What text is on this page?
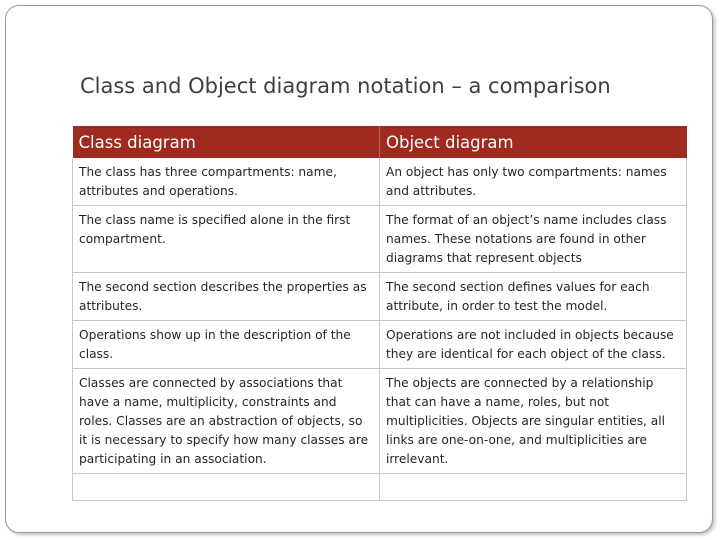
Class and Object diagram notation – a comparison
Class diagram	Object diagram
The class has three compartments: name, attributes and operations.	An object has only two compartments: names and attributes.
The class name is specified alone in the first compartment.	The format of an object’s name includes class names. These notations are found in other diagrams that represent objects
The second section describes the properties as attributes.	The second section defines values for each attribute, in order to test the model.
Operations show up in the description of the class.	Operations are not included in objects because they are identical for each object of the class.
Classes are connected by associations that have a name, multiplicity, constraints and roles. Classes are an abstraction of objects, so it is necessary to specify how many classes are participating in an association.	The objects are connected by a relationship that can have a name, roles, but not multiplicities. Objects are singular entities, all links are one-on-one, and multiplicities are irrelevant.
